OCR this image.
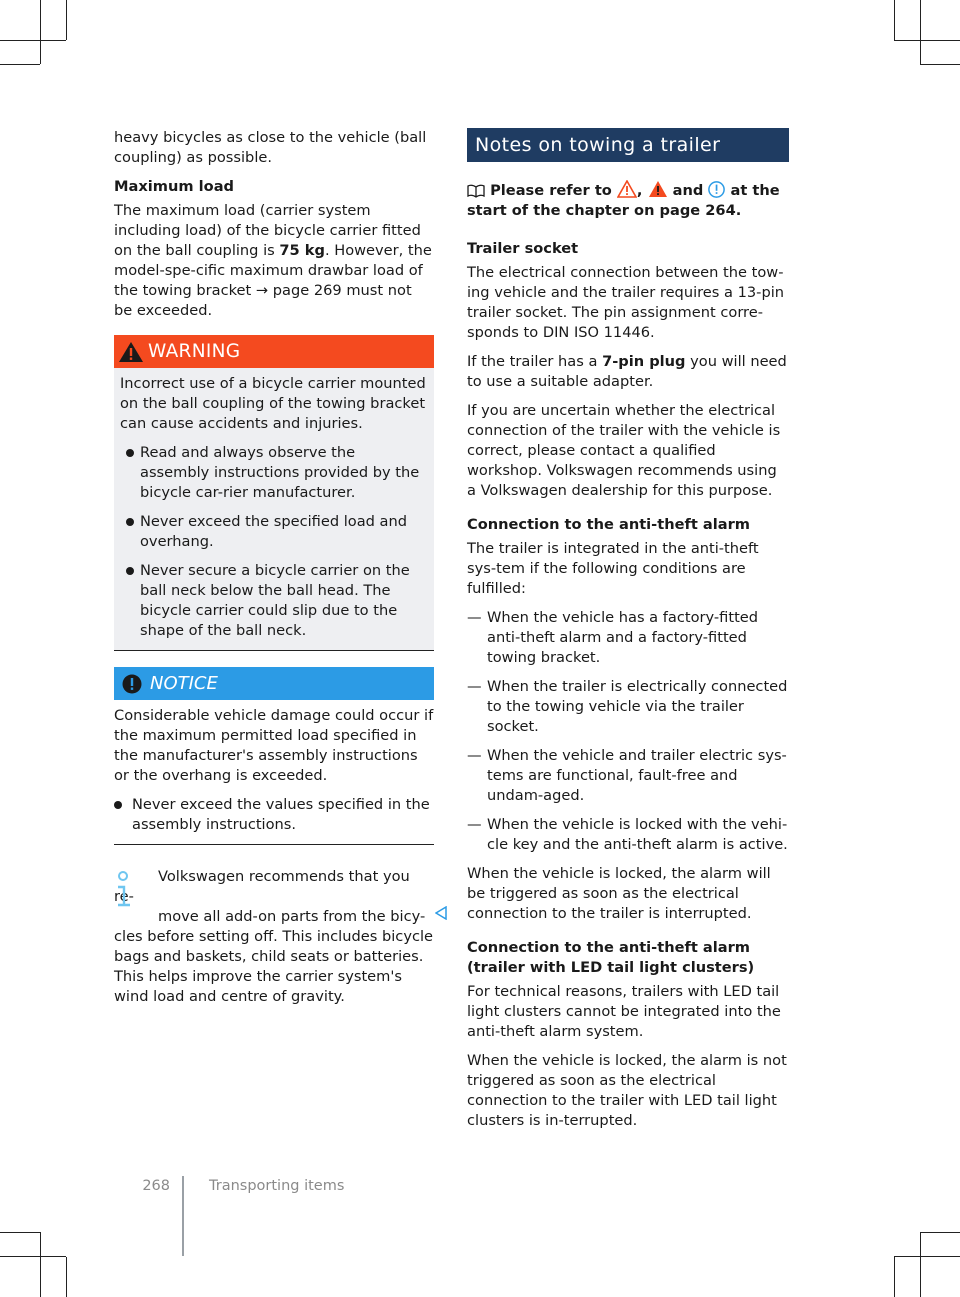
heavy bicycles as close to the vehicle (ball coupling) as possible.

Maximum load

The maximum load (carrier system including load) of the bicycle carrier fitted on the ball coupling is 75 kg. However, the model-spe-cific maximum drawbar load of the towing bracket → page 269 must not be exceeded.

WARNING

Incorrect use of a bicycle carrier mounted on the ball coupling of the towing bracket can cause accidents and injuries.

Read and always observe the assembly instructions provided by the bicycle car-rier manufacturer.
Never exceed the specified load and overhang.
Never secure a bicycle carrier on the ball neck below the ball head. The bicycle carrier could slip due to the shape of the ball neck.
NOTICE

Considerable vehicle damage could occur if the maximum permitted load specified in the manufacturer's assembly instructions or the overhang is exceeded.

Never exceed the values specified in the assembly instructions.

Volkswagen recommends that you re-
move all add-on parts from the bicy- cles before setting off. This includes bicycle bags and baskets, child seats or batteries. This helps improve the carrier system's wind load and centre of gravity.

Notes on towing a trailer

Please refer to , and at the start of the chapter on page 264.

Trailer socket

The electrical connection between the tow-ing vehicle and the trailer requires a 13-pin trailer socket. The pin assignment corre-sponds to DIN ISO 11446.

If the trailer has a 7-pin plug you will need to use a suitable adapter.

If you are uncertain whether the electrical connection of the trailer with the vehicle is correct, please contact a qualified workshop. Volkswagen recommends using a Volkswagen dealership for this purpose.

Connection to the anti-theft alarm

The trailer is integrated in the anti-theft sys-tem if the following conditions are fulfilled:

— When the vehicle has a factory-fitted anti-theft alarm and a factory-fitted towing bracket.
— When the trailer is electrically connected to the towing vehicle via the trailer socket.
— When the vehicle and trailer electric sys-tems are functional, fault-free and undam-aged.
— When the vehicle is locked with the vehi-cle key and the anti-theft alarm is active.

When the vehicle is locked, the alarm will be triggered as soon as the electrical connection to the trailer is interrupted.

Connection to the anti-theft alarm (trailer with LED tail light clusters)

For technical reasons, trailers with LED tail light clusters cannot be integrated into the anti-theft alarm system.

When the vehicle is locked, the alarm is not triggered as soon as the electrical connection to the trailer with LED tail light clusters is in-terrupted.

268	Transporting items
